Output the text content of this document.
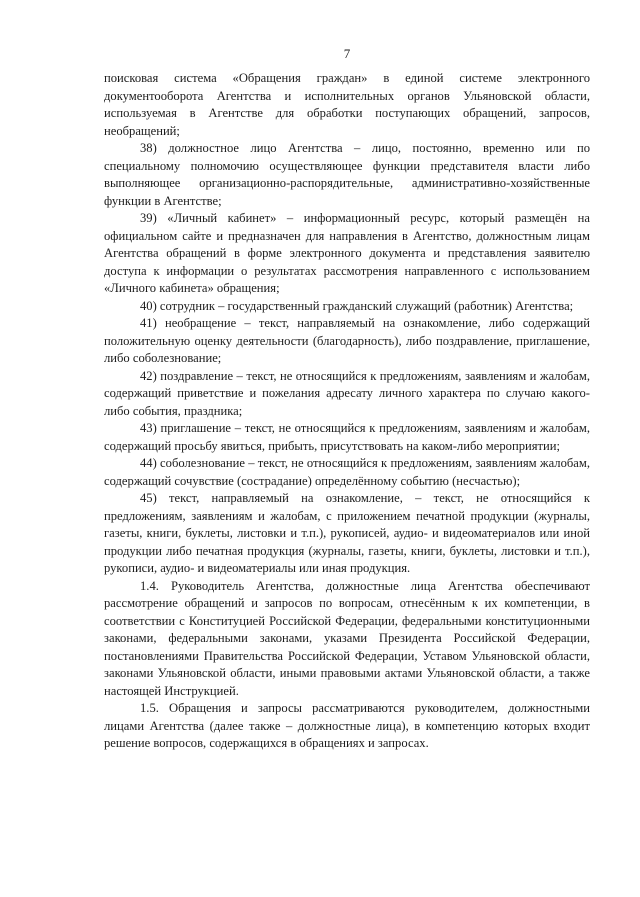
7

поисковая система «Обращения граждан» в единой системе электронного документооборота Агентства и исполнительных органов Ульяновской области, используемая в Агентстве для обработки поступающих обращений, запросов, необращений;

38) должностное лицо Агентства – лицо, постоянно, временно или по специальному полномочию осуществляющее функции представителя власти либо выполняющее организационно-распорядительные, административно-хозяйственные функции в Агентстве;

39) «Личный кабинет» – информационный ресурс, который размещён на официальном сайте и предназначен для направления в Агентство, должностным лицам Агентства обращений в форме электронного документа и представления заявителю доступа к информации о результатах рассмотрения направленного с использованием «Личного кабинета» обращения;

40) сотрудник – государственный гражданский служащий (работник) Агентства;

41) необращение – текст, направляемый на ознакомление, либо содержащий положительную оценку деятельности (благодарность), либо поздравление, приглашение, либо соболезнование;

42) поздравление – текст, не относящийся к предложениям, заявлениям и жалобам, содержащий приветствие и пожелания адресату личного характера по случаю какого-либо события, праздника;

43) приглашение – текст, не относящийся к предложениям, заявлениям и жалобам, содержащий просьбу явиться, прибыть, присутствовать на каком-либо мероприятии;

44) соболезнование – текст, не относящийся к предложениям, заявлениям жалобам, содержащий сочувствие (сострадание) определённому событию (несчастью);

45) текст, направляемый на ознакомление, – текст, не относящийся к предложениям, заявлениям и жалобам, с приложением печатной продукции (журналы, газеты, книги, буклеты, листовки и т.п.), рукописей, аудио- и видеоматериалов или иной продукции либо печатная продукция (журналы, газеты, книги, буклеты, листовки и т.п.), рукописи, аудио- и видеоматериалы или иная продукция.

1.4. Руководитель Агентства, должностные лица Агентства обеспечивают рассмотрение обращений и запросов по вопросам, отнесённым к их компетенции, в соответствии с Конституцией Российской Федерации, федеральными конституционными законами, федеральными законами, указами Президента Российской Федерации, постановлениями Правительства Российской Федерации, Уставом Ульяновской области, законами Ульяновской области, иными правовыми актами Ульяновской области, а также настоящей Инструкцией.

1.5. Обращения и запросы рассматриваются руководителем, должностными лицами Агентства (далее также – должностные лица), в компетенцию которых входит решение вопросов, содержащихся в обращениях и запросах.
